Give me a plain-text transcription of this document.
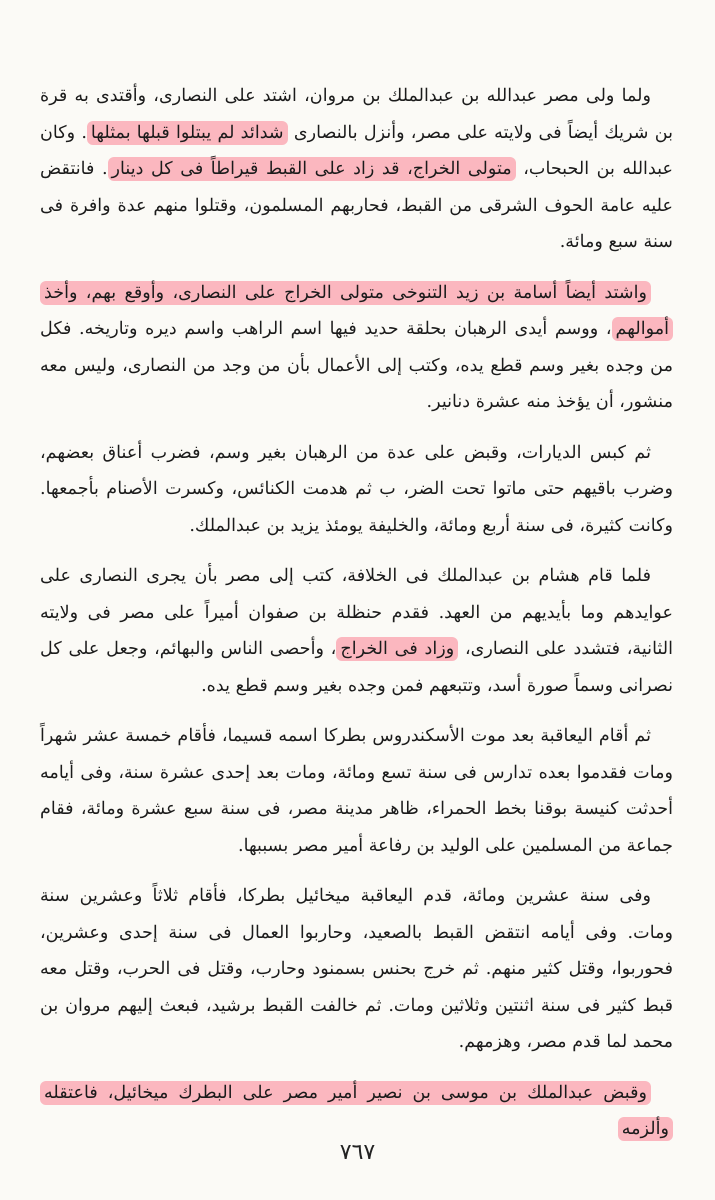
ولما ولى مصر عبدالله بن عبدالملك بن مروان، اشتد على النصارى، وأقتدى به قرة بن شريك أيضاً فى ولايته على مصر، وأنزل بالنصارى شدائد لم يبتلوا قبلها بمثلها. وكان عبدالله بن الحبحاب، متولى الخراج، قد زاد على القبط قيراطاً فى كل دينار. فانتقض عليه عامة الحوف الشرقى من القبط، فحاربهم المسلمون، وقتلوا منهم عدة وافرة فى سنة سبع ومائة.

واشتد أيضاً أسامة بن زيد التنوخى متولى الخراج على النصارى، وأوقع بهم، وأخذ أموالهم، ووسم أيدى الرهبان بحلقة حديد فيها اسم الراهب واسم ديره وتاريخه. فكل من وجده بغير وسم قطع يده، وكتب إلى الأعمال بأن من وجد من النصارى، وليس معه منشور، أن يؤخذ منه عشرة دنانير.

ثم كبس الديارات، وقبض على عدة من الرهبان بغير وسم، فضرب أعناق بعضهم، وضرب باقيهم حتى ماتوا تحت الضر، ب ثم هدمت الكنائس، وكسرت الأصنام بأجمعها. وكانت كثيرة، فى سنة أربع ومائة، والخليفة يومئذ يزيد بن عبدالملك.

فلما قام هشام بن عبدالملك فى الخلافة، كتب إلى مصر بأن يجرى النصارى على عوايدهم وما بأيديهم من العهد. فقدم حنظلة بن صفوان أميراً على مصر فى ولايته الثانية، فتشدد على النصارى، وزاد فى الخراج، وأحصى الناس والبهائم، وجعل على كل نصرانى وسماً صورة أسد، وتتبعهم فمن وجده بغير وسم قطع يده.

ثم أقام اليعاقبة بعد موت الأسكندروس بطركا اسمه قسيما، فأقام خمسة عشر شهراً ومات فقدموا بعده تدارس فى سنة تسع ومائة، ومات بعد إحدى عشرة سنة، وفى أيامه أحدثت كنيسة بوقنا بخط الحمراء، ظاهر مدينة مصر، فى سنة سبع عشرة ومائة، فقام جماعة من المسلمين على الوليد بن رفاعة أمير مصر بسببها.

وفى سنة عشرين ومائة، قدم اليعاقبة ميخائيل بطركا، فأقام ثلاثاً وعشرين سنة ومات. وفى أيامه انتقض القبط بالصعيد، وحاربوا العمال فى سنة إحدى وعشرين، فحوربوا، وقتل كثير منهم. ثم خرج بحنس بسمنود وحارب، وقتل فى الحرب، وقتل معه قبط كثير فى سنة اثنتين وثلاثين ومات. ثم خالفت القبط برشيد، فبعث إليهم مروان بن محمد لما قدم مصر، وهزمهم.

وقبض عبدالملك بن موسى بن نصير أمير مصر على البطرك ميخائيل، فاعتقله وألزمه

٧٦٧
